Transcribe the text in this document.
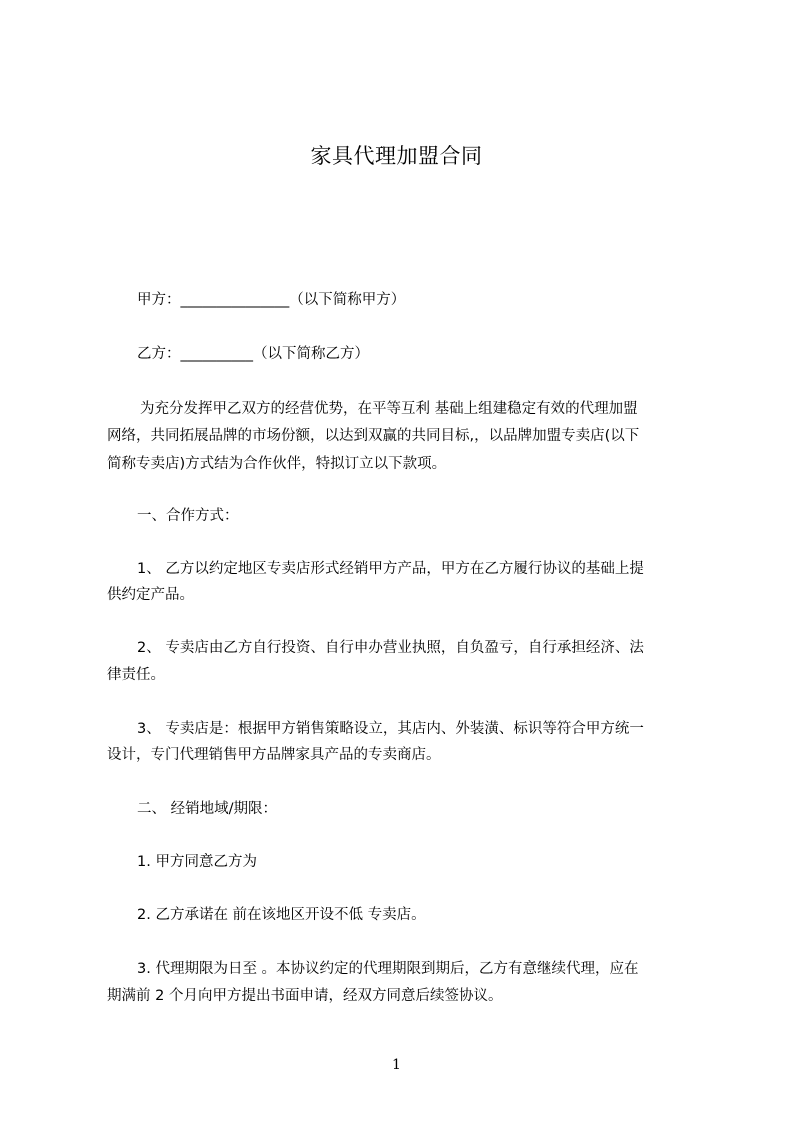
家具代理加盟合同
甲方：_______________（以下简称甲方）
乙方：__________（以下简称乙方）
为充分发挥甲乙双方的经营优势，在平等互利 基础上组建稳定有效的代理加盟
网络，共同拓展品牌的市场份额，以达到双赢的共同目标,，以品牌加盟专卖店(以下
简称专卖店)方式结为合作伙伴，特拟订立以下款项。
一、合作方式：
1、 乙方以约定地区专卖店形式经销甲方产品，甲方在乙方履行协议的基础上提
供约定产品。
2、 专卖店由乙方自行投资、自行申办营业执照，自负盈亏，自行承担经济、法
律责任。
3、 专卖店是：根据甲方销售策略设立，其店内、外装潢、标识等符合甲方统一
设计，专门代理销售甲方品牌家具产品的专卖商店。
二、 经销地域/期限：
1. 甲方同意乙方为
2. 乙方承诺在 前在该地区开设不低 专卖店。
3. 代理期限为日至 。本协议约定的代理期限到期后，乙方有意继续代理，应在
期满前 2 个月向甲方提出书面申请，经双方同意后续签协议。
1
